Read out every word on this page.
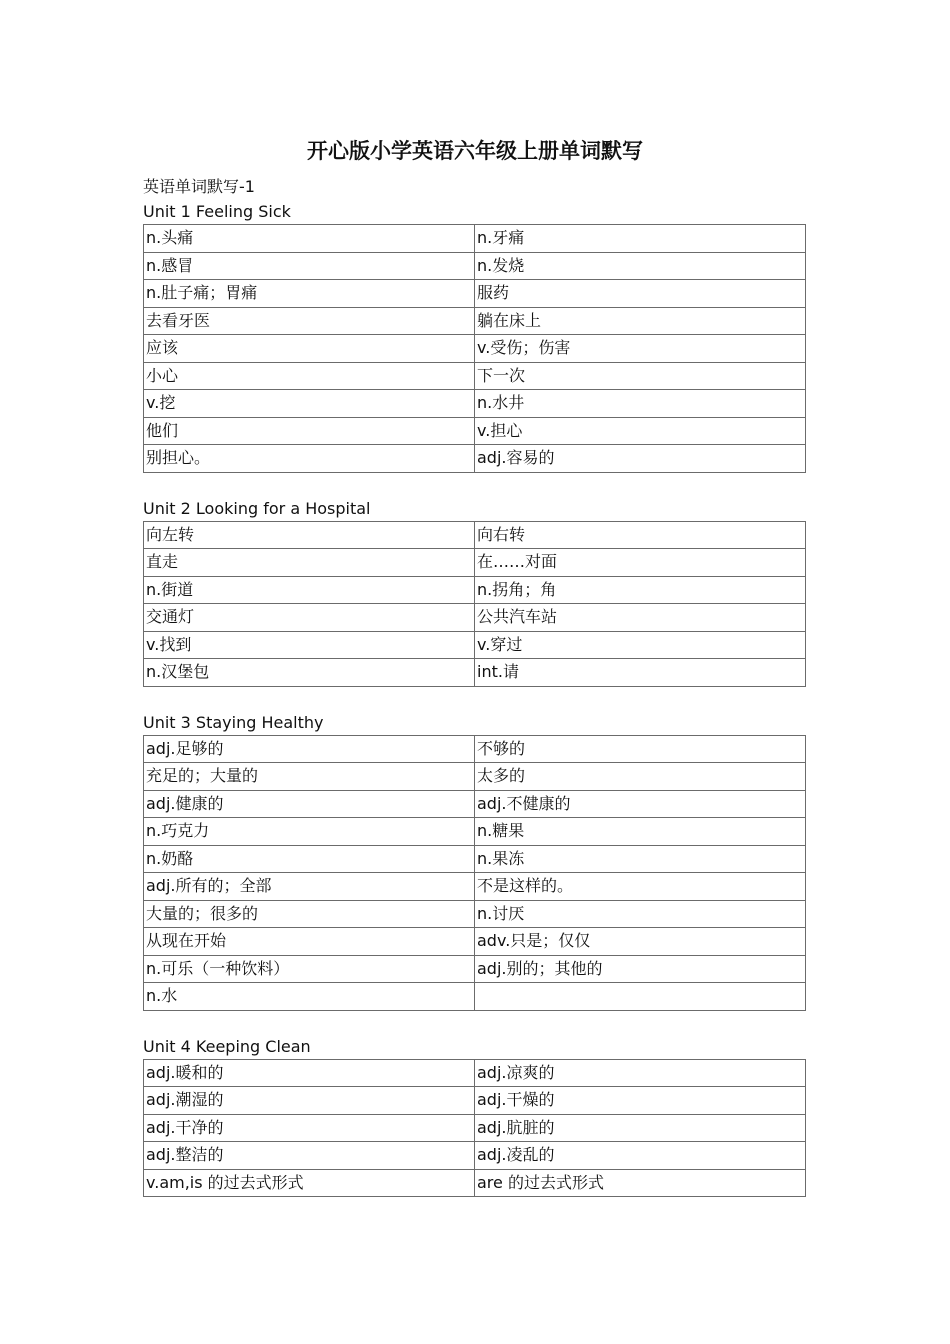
开心版小学英语六年级上册单词默写
英语单词默写-1
Unit 1 Feeling Sick
n.头痛	n.牙痛
n.感冒	n.发烧
n.肚子痛；胃痛	服药
去看牙医	躺在床上
应该	v.受伤；伤害
小心	下一次
v.挖	n.水井
他们	v.担心
别担心。	adj.容易的
Unit 2 Looking for a Hospital
向左转	向右转
直走	在……对面
n.街道	n.拐角；角
交通灯	公共汽车站
v.找到	v.穿过
n.汉堡包	int.请
Unit 3 Staying Healthy
adj.足够的	不够的
充足的；大量的	太多的
adj.健康的	adj.不健康的
n.巧克力	n.糖果
n.奶酪	n.果冻
adj.所有的；全部	不是这样的。
大量的；很多的	n.讨厌
从现在开始	adv.只是；仅仅
n.可乐（一种饮料）	adj.别的；其他的
n.水	
Unit 4 Keeping Clean
adj.暖和的	adj.凉爽的
adj.潮湿的	adj.干燥的
adj.干净的	adj.肮脏的
adj.整洁的	adj.凌乱的
v.am,is 的过去式形式	are 的过去式形式
